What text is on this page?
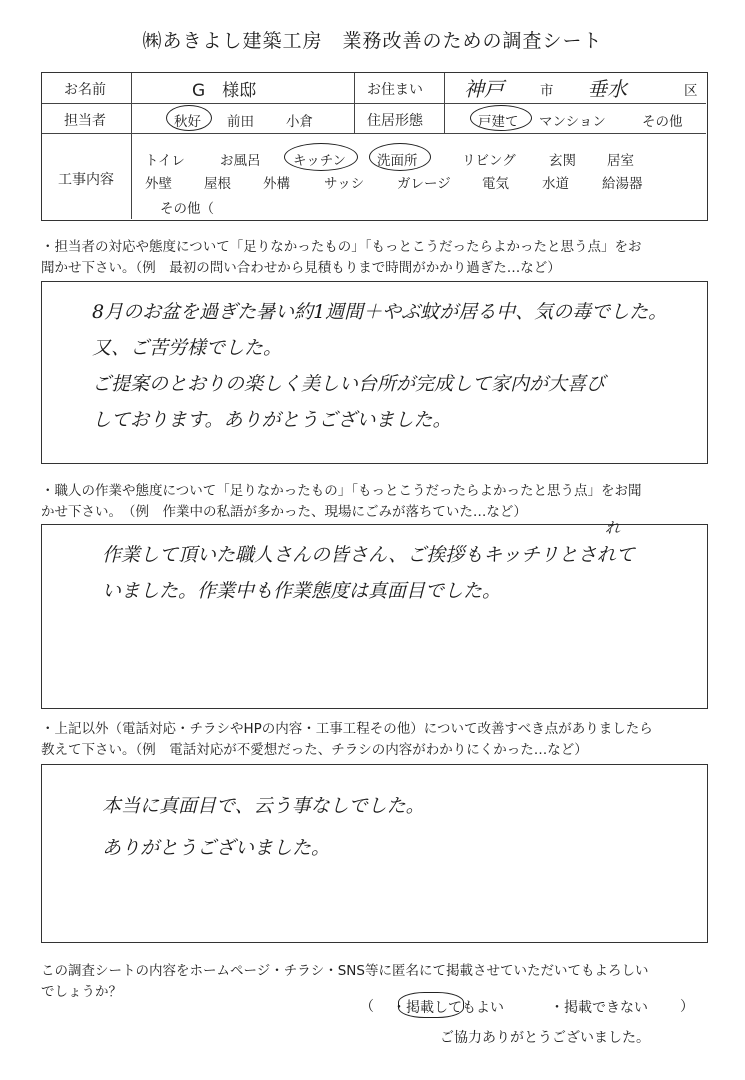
㈱あきよし建築工房　業務改善のための調査シート
お名前	G　様邸	お住まい 神戸	市 垂水	区
担当者	秋好 前田 小倉	住居形態	戸建て マンション	その他
工事内容
トイレ	お風呂 キッチン 洗面所	リビング 玄関 居室
外壁 屋根 外構	サッシ ガレージ 電気 水道 給湯器
その他（
・担当者の対応や態度について「足りなかったもの」「もっとこうだったらよかったと思う点」をお
聞かせ下さい。（例　最初の問い合わせから見積もりまで時間がかかり過ぎた…など）
8月のお盆を過ぎた暑い約1週間＋やぶ蚊が居る中、気の毒でした。
又、ご苦労様でした。
ご提案のとおりの楽しく美しい台所が完成して家内が大喜び
しております。ありがとうございました。
・職人の作業や態度について「足りなかったもの」「もっとこうだったらよかったと思う点」をお聞
かせ下さい。　（例　作業中の私語が多かった、現場にごみが落ちていた…など）
れ
作業して頂いた職人さんの皆さん、ご挨拶もキッチリとされて
いました。作業中も作業態度は真面目でした。
・上記以外（電話対応・チラシやHPの内容・工事工程その他）について改善すべき点がありましたら
教えて下さい。（例　電話対応が不愛想だった、チラシの内容がわかりにくかった…など）
本当に真面目で、云う事なしでした。
ありがとうございました。
この調査シートの内容をホームページ・チラシ・SNS等に匿名にて掲載させていただいてもよろしい
でしょうか？
（ ・掲載してもよい	・掲載できない ）
ご協力ありがとうございました。
